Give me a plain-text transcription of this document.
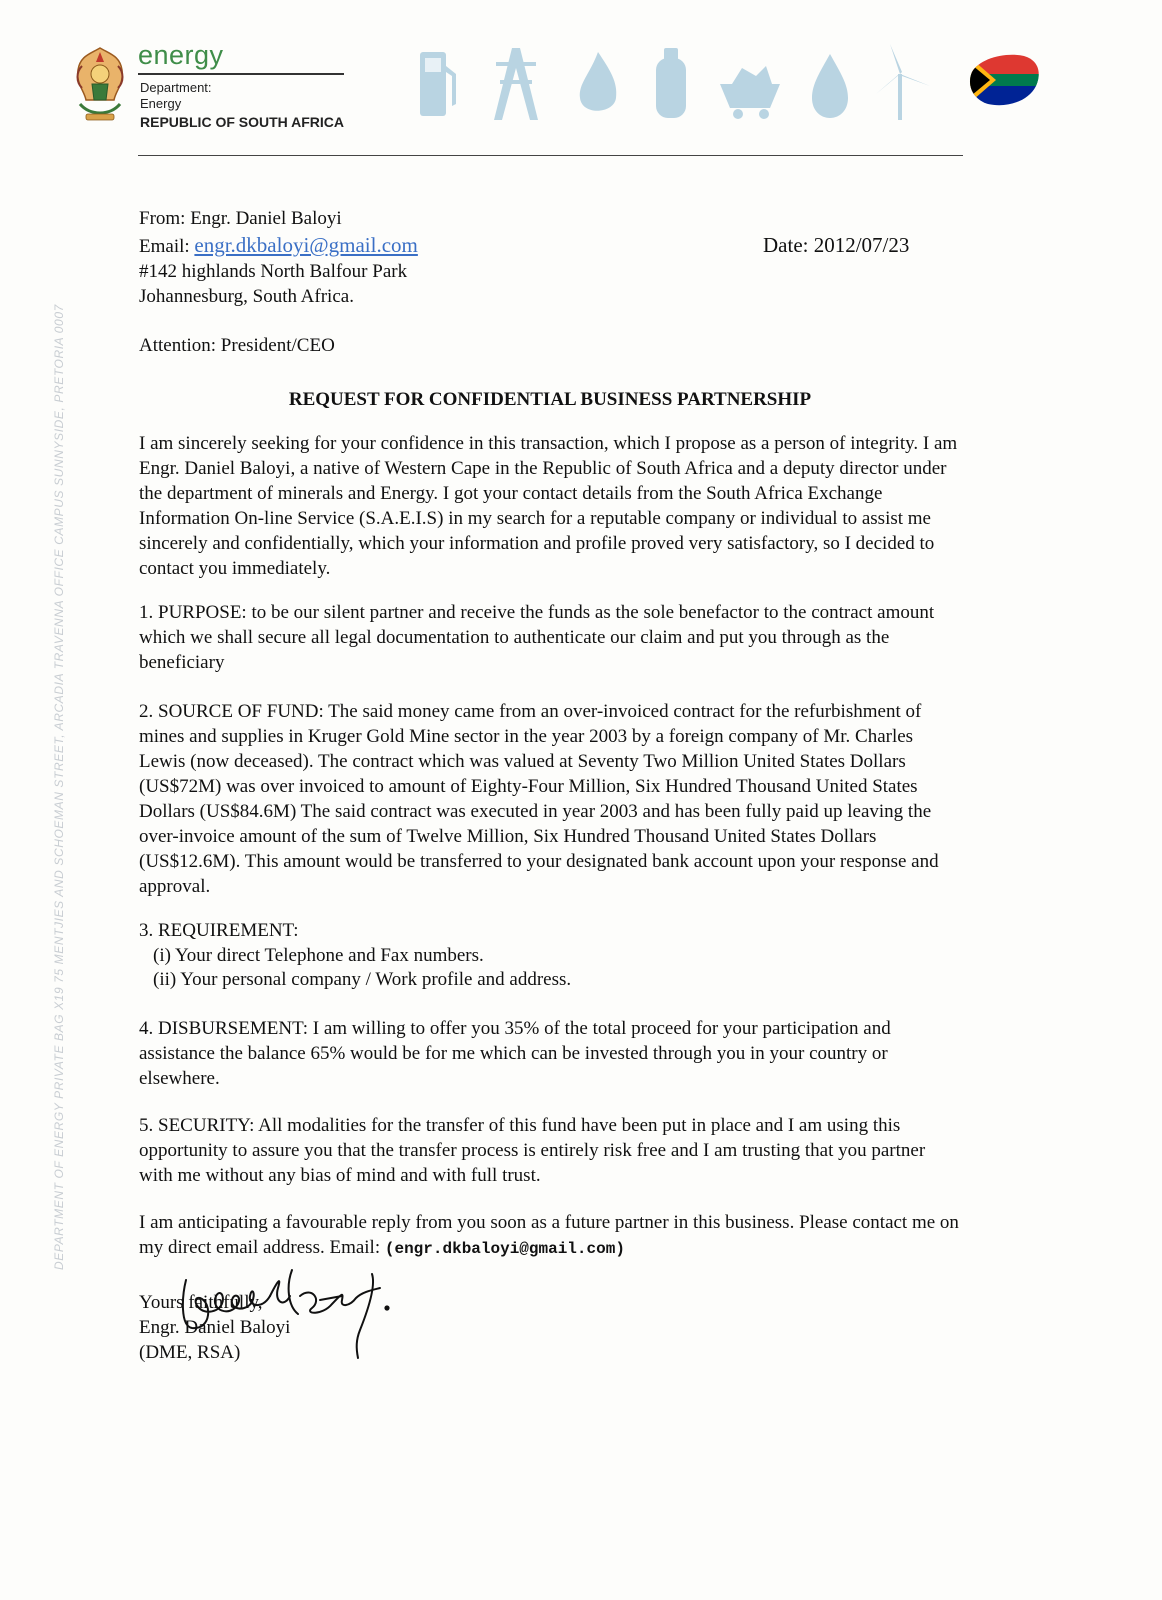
energy
Department:
Energy
REPUBLIC OF SOUTH AFRICA
DEPARTMENT OF ENERGY PRIVATE BAG X19 75 MENTJIES AND SCHOEMAN STREET, ARCADIA TRAVENNA OFFICE CAMPUS SUNNYSIDE, PRETORIA 0007
From: Engr. Daniel Baloyi
Email: engr.dkbaloyi@gmail.com
#142 highlands North Balfour Park
Johannesburg, South Africa.
Date: 2012/07/23
Attention: President/CEO
REQUEST FOR CONFIDENTIAL BUSINESS PARTNERSHIP

I am sincerely seeking for your confidence in this transaction, which I propose as a person of integrity. I am Engr. Daniel Baloyi, a native of Western Cape in the Republic of South Africa and a deputy director under the department of minerals and Energy. I got your contact details from the South Africa Exchange Information On-line Service (S.A.E.I.S) in my search for a reputable company or individual to assist me sincerely and confidentially, which your information and profile proved very satisfactory, so I decided to contact you immediately.

1. PURPOSE: to be our silent partner and receive the funds as the sole benefactor to the contract amount which we shall secure all legal documentation to authenticate our claim and put you through as the beneficiary

2. SOURCE OF FUND: The said money came from an over-invoiced contract for the refurbishment of mines and supplies in Kruger Gold Mine sector in the year 2003 by a foreign company of Mr. Charles Lewis (now deceased). The contract which was valued at Seventy Two Million United States Dollars (US$72M) was over invoiced to amount of Eighty-Four Million, Six Hundred Thousand United States Dollars (US$84.6M) The said contract was executed in year 2003 and has been fully paid up leaving the over-invoice amount of the sum of Twelve Million, Six Hundred Thousand United States Dollars (US$12.6M). This amount would be transferred to your designated bank account upon your response and approval.

3. REQUIREMENT:
(i) Your direct Telephone and Fax numbers.
(ii) Your personal company / Work profile and address.

4. DISBURSEMENT: I am willing to offer you 35% of the total proceed for your participation and assistance the balance 65% would be for me which can be invested through you in your country or elsewhere.

5. SECURITY: All modalities for the transfer of this fund have been put in place and I am using this opportunity to assure you that the transfer process is entirely risk free and I am trusting that you partner with me without any bias of mind and with full trust.

I am anticipating a favourable reply from you soon as a future partner in this business. Please contact me on my direct email address. Email: (engr.dkbaloyi@gmail.com)

Yours faithfully,
Engr. Daniel Baloyi
(DME, RSA)
